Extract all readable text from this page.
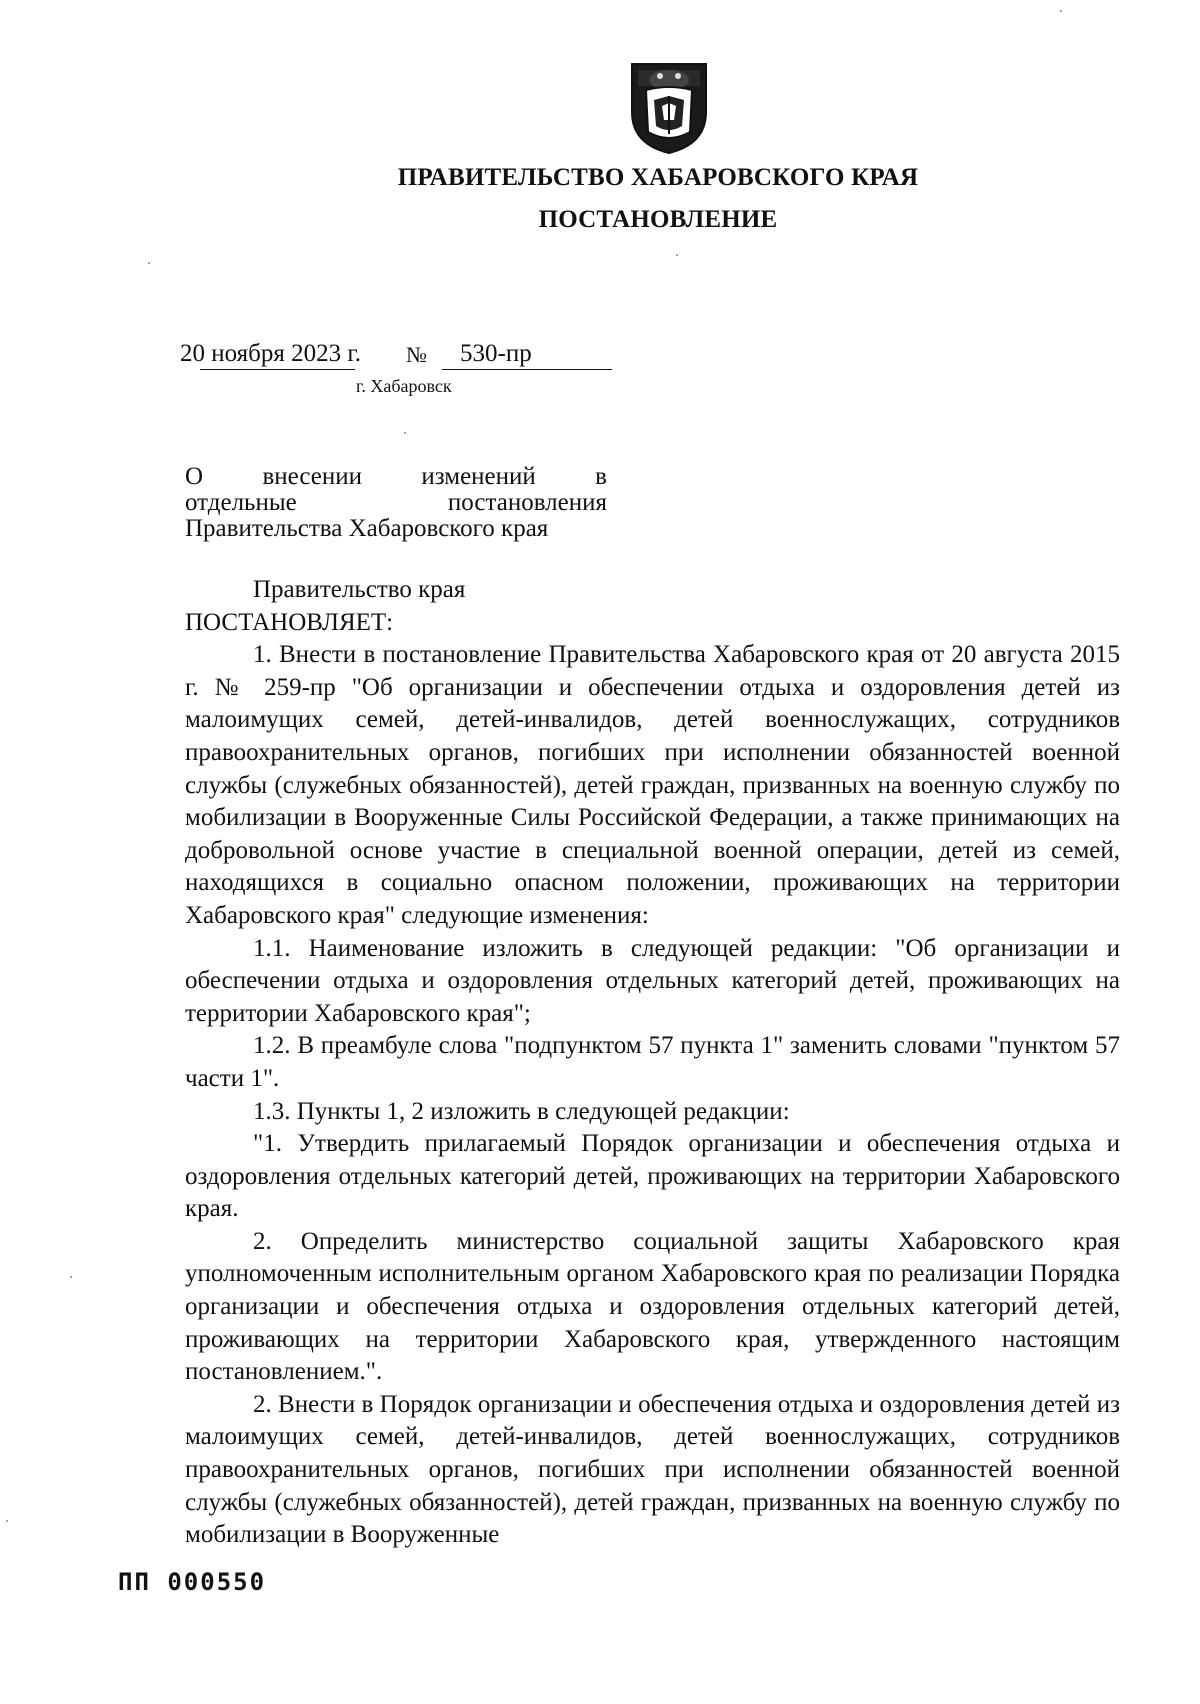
ПРАВИТЕЛЬСТВО ХАБАРОВСКОГО КРАЯ
ПОСТАНОВЛЕНИЕ
20 ноября 2023 г. № 530-пр
г. Хабаровск
О внесении изменений в
отдельные	постановления
Правительства Хабаровского края

Правительство края

ПОСТАНОВЛЯЕТ:

1. Внести в постановление Правительства Хабаровского края от 20 августа 2015 г. № 259-пр "Об организации и обеспечении отдыха и оздоровления детей из малоимущих семей, детей-инвалидов, детей военнослужащих, сотрудников правоохранительных органов, погибших при исполнении обязанностей военной службы (служебных обязанностей), детей граждан, призванных на военную службу по мобилизации в Вооруженные Силы Российской Федерации, а также принимающих на добровольной основе участие в специальной военной операции, детей из семей, находящихся в социально опасном положении, проживающих на территории Хабаровского края" следующие изменения:

1.1. Наименование изложить в следующей редакции: "Об организации и обеспечении отдыха и оздоровления отдельных категорий детей, проживающих на территории Хабаровского края";

1.2. В преамбуле слова "подпунктом 57 пункта 1" заменить словами "пунктом 57 части 1".

1.3. Пункты 1, 2 изложить в следующей редакции:

"1. Утвердить прилагаемый Порядок организации и обеспечения отдыха и оздоровления отдельных категорий детей, проживающих на территории Хабаровского края.

2. Определить министерство социальной защиты Хабаровского края уполномоченным исполнительным органом Хабаровского края по реализации Порядка организации и обеспечения отдыха и оздоровления отдельных категорий детей, проживающих на территории Хабаровского края, утвержденного настоящим постановлением.".

2. Внести в Порядок организации и обеспечения отдыха и оздоровления детей из малоимущих семей, детей-инвалидов, детей военнослужащих, сотрудников правоохранительных органов, погибших при исполнении обязанностей военной службы (служебных обязанностей), детей граждан, призванных на военную службу по мобилизации в Вооруженные

ПП 000550
